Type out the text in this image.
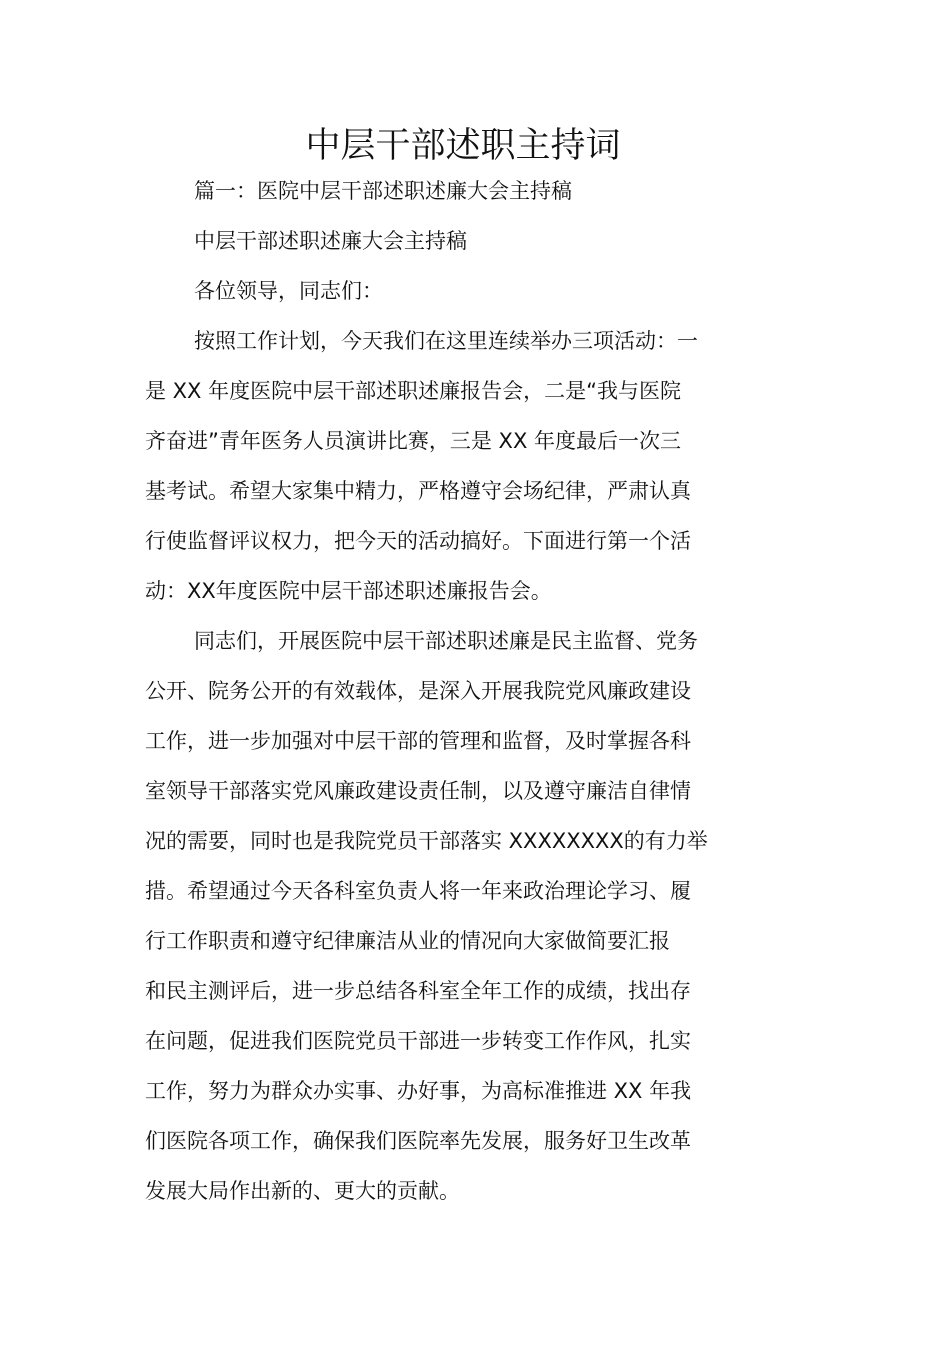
中层干部述职主持词
篇一：医院中层干部述职述廉大会主持稿
中层干部述职述廉大会主持稿
各位领导，同志们：
按照工作计划，今天我们在这里连续举办三项活动：一
是 XX 年度医院中层干部述职述廉报告会，二是“我与医院
齐奋进”青年医务人员演讲比赛，三是 XX 年度最后一次三
基考试。希望大家集中精力，严格遵守会场纪律，严肃认真
行使监督评议权力，把今天的活动搞好。下面进行第一个活
动：XX年度医院中层干部述职述廉报告会。
同志们，开展医院中层干部述职述廉是民主监督、党务
公开、院务公开的有效载体，是深入开展我院党风廉政建设
工作，进一步加强对中层干部的管理和监督，及时掌握各科
室领导干部落实党风廉政建设责任制，以及遵守廉洁自律情
况的需要，同时也是我院党员干部落实 XXXXXXXX的有力举
措。希望通过今天各科室负责人将一年来政治理论学习、履
行工作职责和遵守纪律廉洁从业的情况向大家做简要汇报
和民主测评后，进一步总结各科室全年工作的成绩，找出存
在问题，促进我们医院党员干部进一步转变工作作风，扎实
工作，努力为群众办实事、办好事，为高标准推进 XX 年我
们医院各项工作，确保我们医院率先发展，服务好卫生改革
发展大局作出新的、更大的贡献。
